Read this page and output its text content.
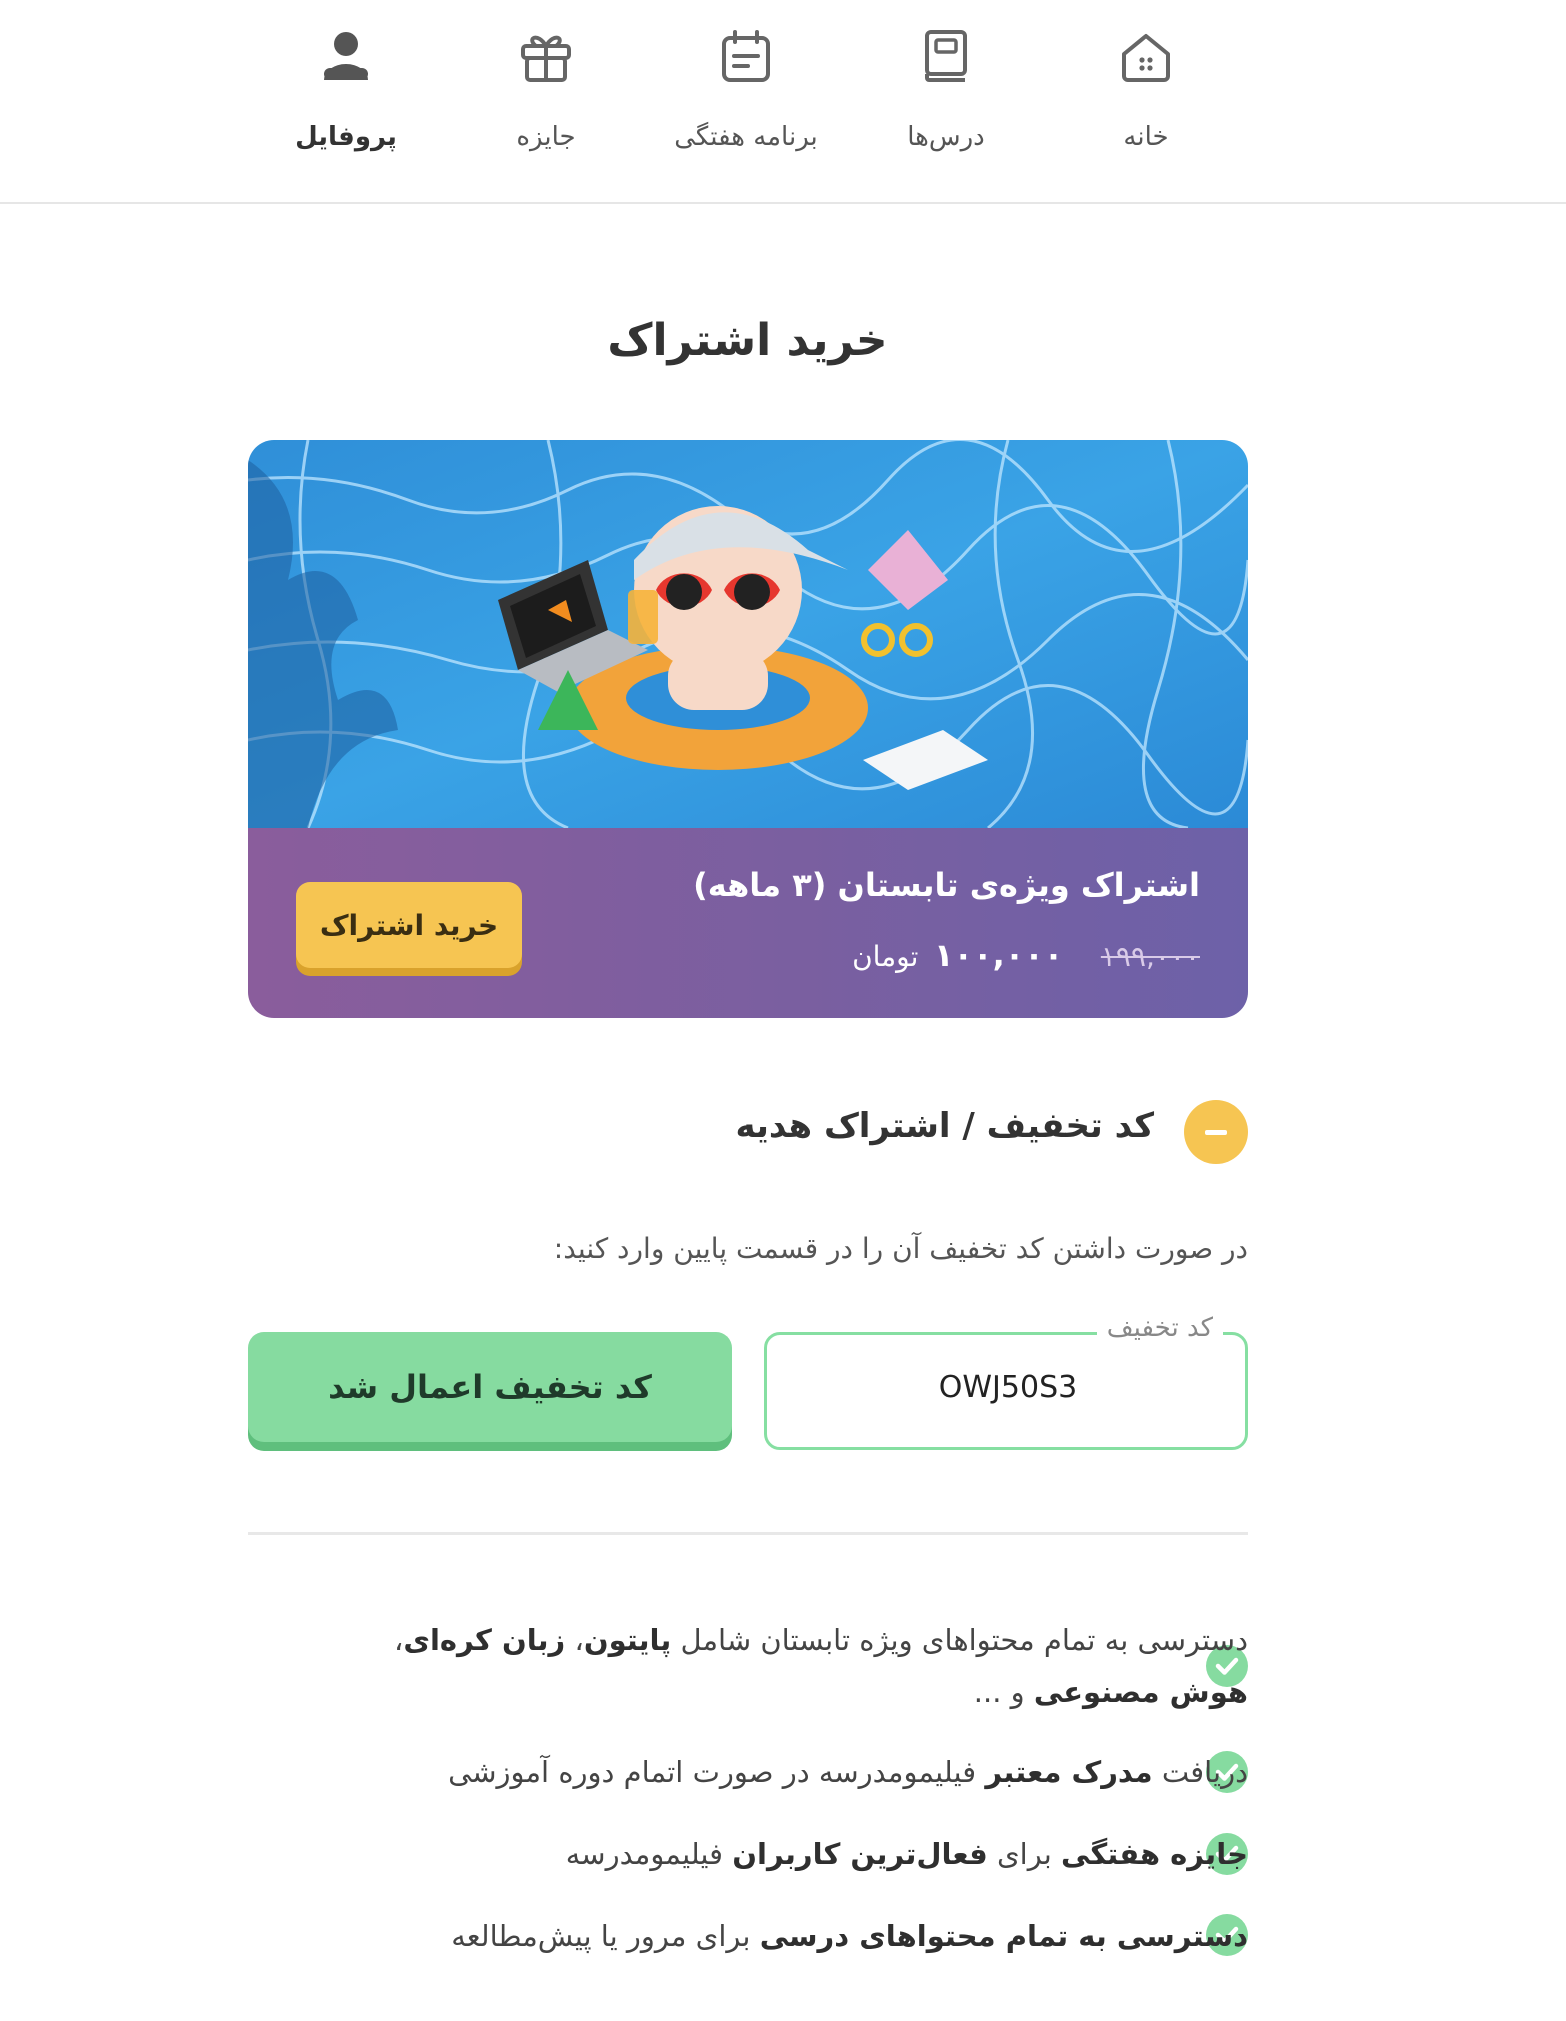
خانه
درس‌ها
برنامه هفتگی
جایزه
پروفایل
خرید اشتراک
اشتراک ویژه‌ی تابستان (۳ ماهه)
۱۹۹,۰۰۰ ۱۰۰,۰۰۰ تومان
خرید اشتراک
کد تخفیف / اشتراک هدیه
در صورت داشتن کد تخفیف آن را در قسمت پایین وارد کنید:
کد تخفیف
OWJ50S3
کد تخفیف اعمال شد
دسترسی به تمام محتواهای ویژه تابستان شامل پایتون، زبان کره‌ای، هوش مصنوعی و ...
دریافت مدرک معتبر فیلیمومدرسه در صورت اتمام دوره آموزشی
جایزه هفتگی برای فعال‌ترین کاربران فیلیمومدرسه
دسترسی به تمام محتواهای درسی برای مرور یا پیش‌مطالعه
